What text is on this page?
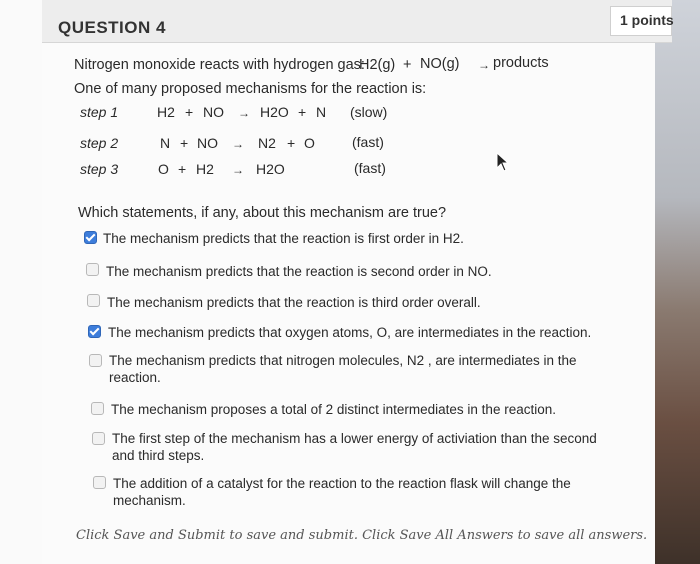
QUESTION 4	1 points
Nitrogen monoxide reacts with hydrogen gas:
H2(g) + NO(g) → products
One of many proposed mechanisms for the reaction is:
step 1	H2 + NO → H2O + N (slow)
step 2	N + NO → N2 + O	(fast)
step 3	O + H2 → H2O	(fast)
Which statements, if any, about this mechanism are true?
The mechanism predicts that the reaction is first order in H2.
The mechanism predicts that the reaction is second order in NO.
The mechanism predicts that the reaction is third order overall.
The mechanism predicts that oxygen atoms, O, are intermediates in the reaction.
The mechanism predicts that nitrogen molecules, N2 , are intermediates in the reaction.
The mechanism proposes a total of 2 distinct intermediates in the reaction.
The first step of the mechanism has a lower energy of activiation than the second and third steps.
The addition of a catalyst for the reaction to the reaction flask will change the mechanism.
Click Save and Submit to save and submit. Click Save All Answers to save all answers.
